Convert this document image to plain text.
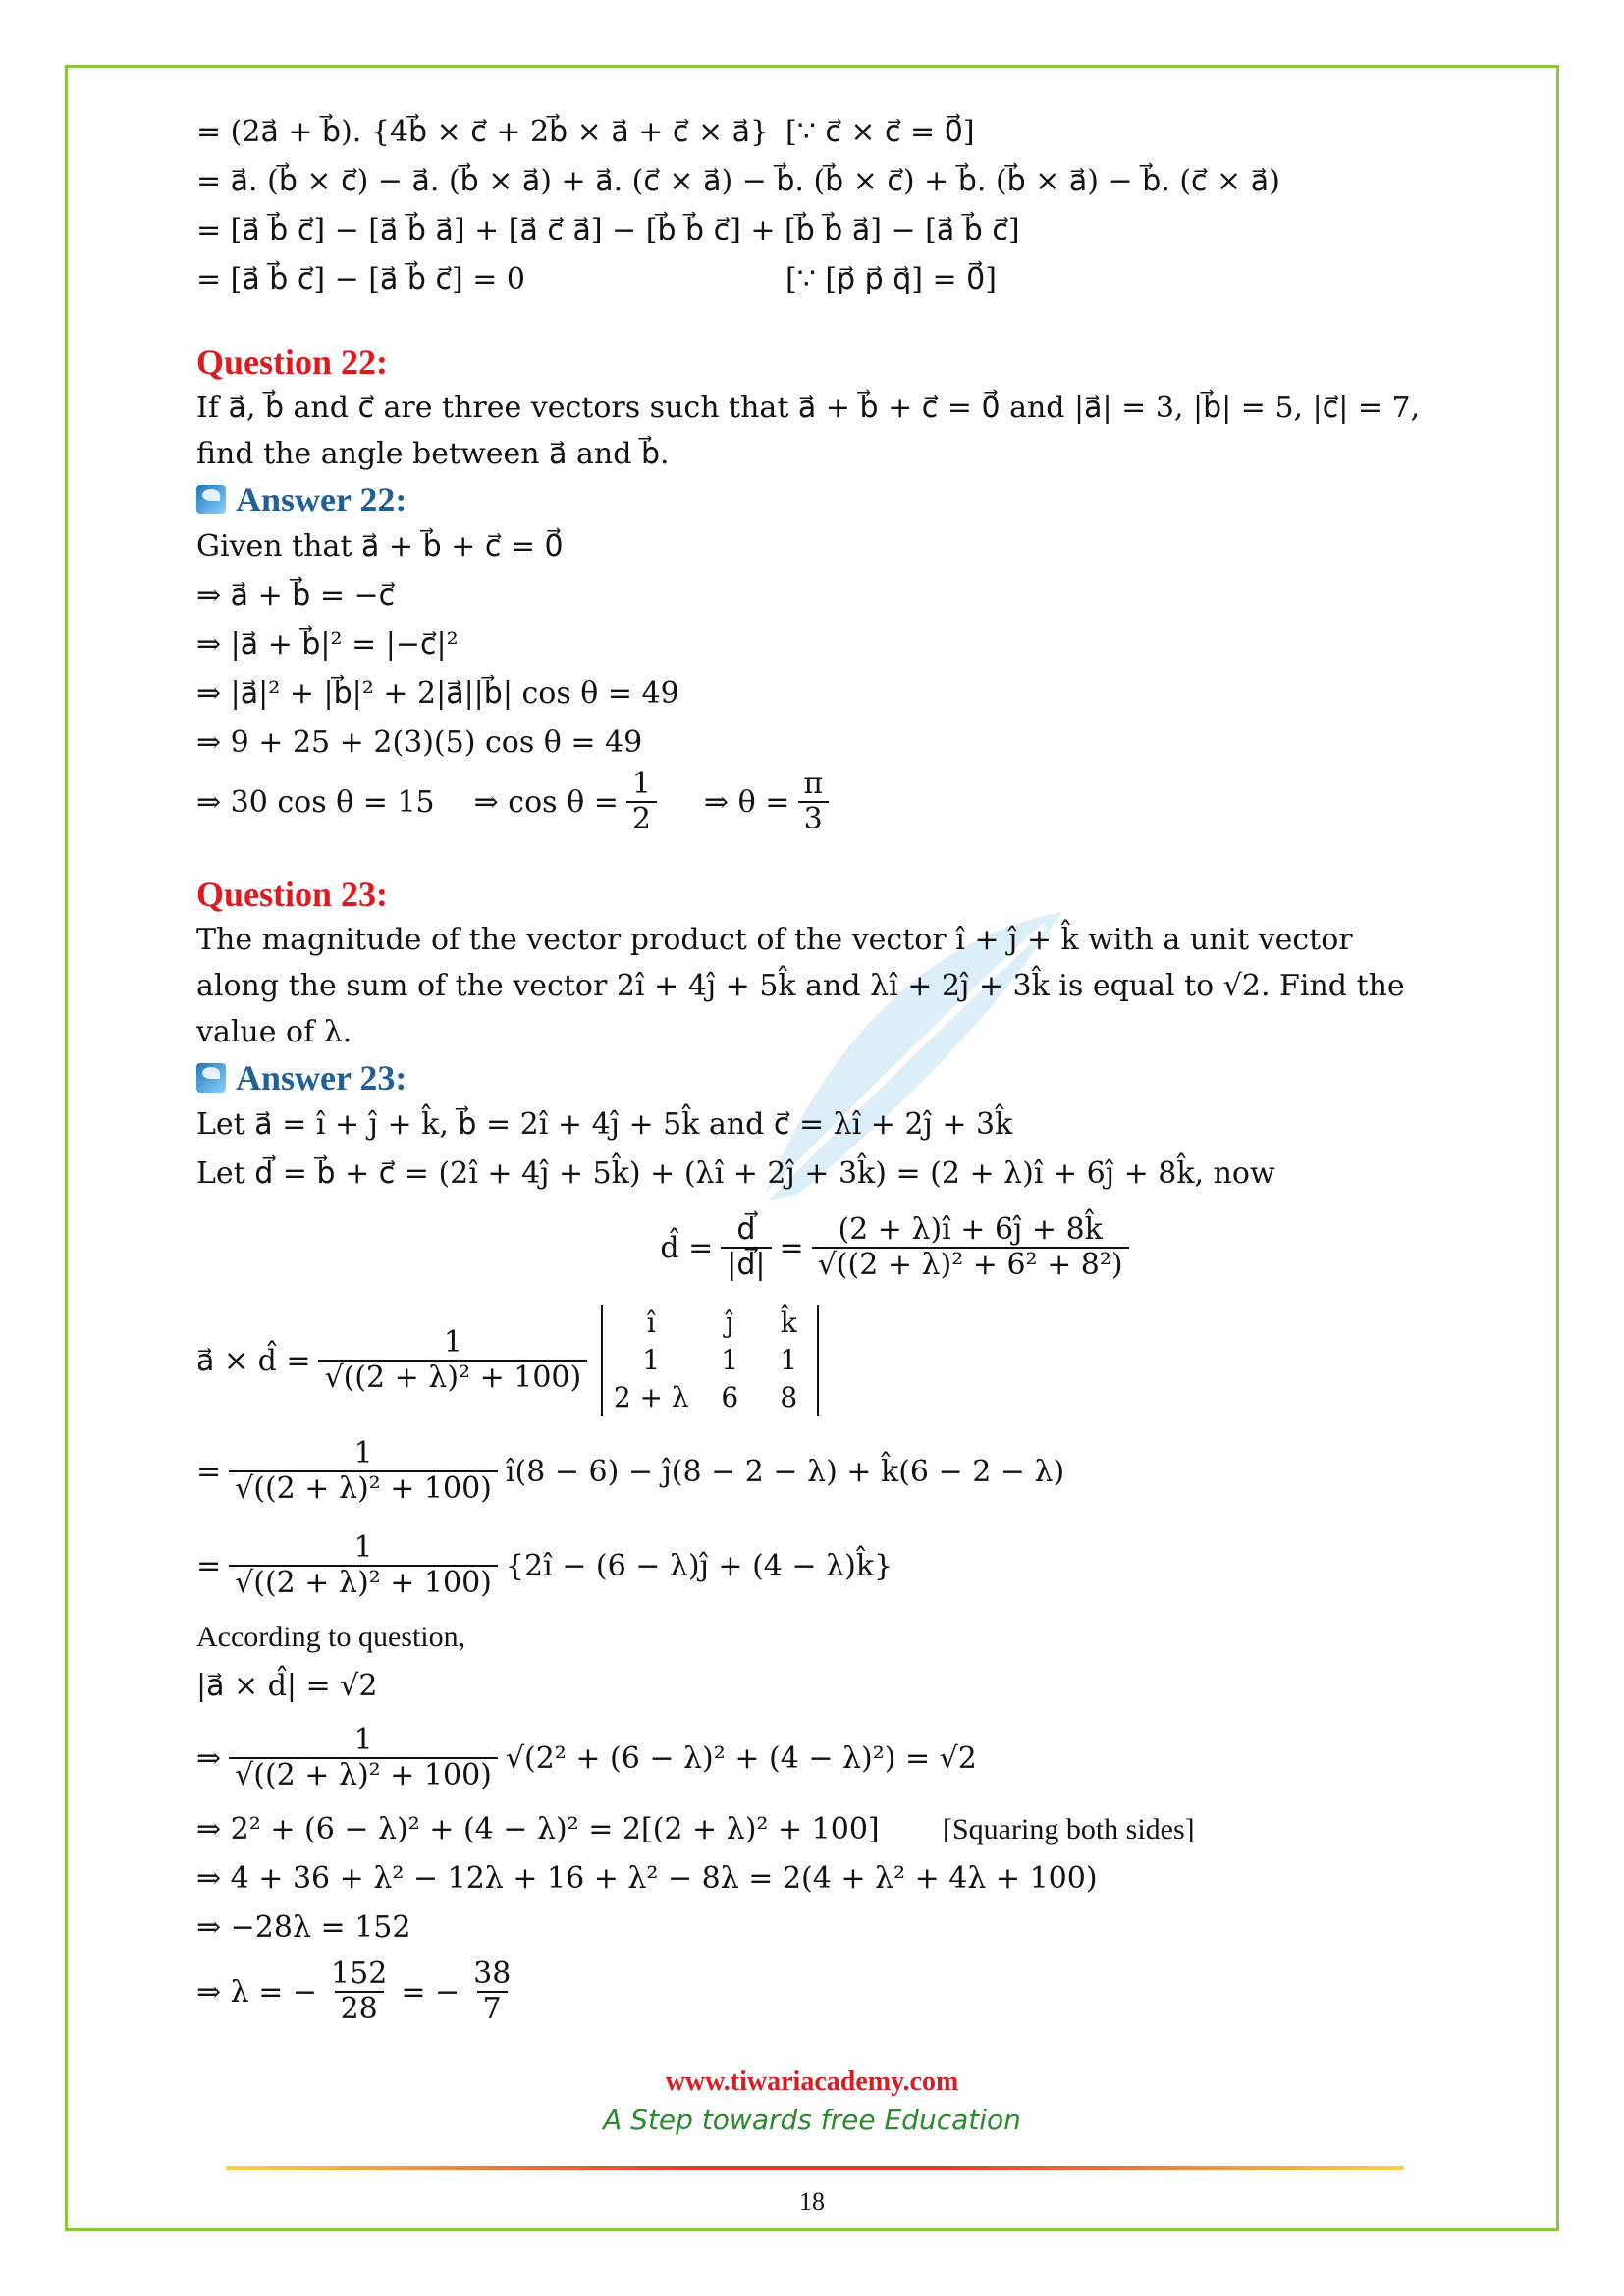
= (2a⃗ + b⃗). {4b⃗ × c⃗ + 2b⃗ × a⃗ + c⃗ × a⃗} [∵ c⃗ × c⃗ = 0⃗]
= a⃗. (b⃗ × c⃗) − a⃗. (b⃗ × a⃗) + a⃗. (c⃗ × a⃗) − b⃗. (b⃗ × c⃗) + b⃗. (b⃗ × a⃗) − b⃗. (c⃗ × a⃗)
= [a⃗ b⃗ c⃗] − [a⃗ b⃗ a⃗] + [a⃗ c⃗ a⃗] − [b⃗ b⃗ c⃗] + [b⃗ b⃗ a⃗] − [a⃗ b⃗ c⃗]
= [a⃗ b⃗ c⃗] − [a⃗ b⃗ c⃗] = 0	[∵ [p⃗ p⃗ q⃗] = 0⃗]
Question 22:
If a⃗, b⃗ and c⃗ are three vectors such that a⃗ + b⃗ + c⃗ = 0⃗ and |a⃗| = 3, |b⃗| = 5, |c⃗| = 7, find the angle between a⃗ and b⃗.
Answer 22:
Given that a⃗ + b⃗ + c⃗ = 0⃗
⇒ a⃗ + b⃗ = −c⃗
⇒ |a⃗ + b⃗|² = |−c⃗|²
⇒ |a⃗|² + |b⃗|² + 2|a⃗||b⃗| cos θ = 49
⇒ 9 + 25 + 2(3)(5) cos θ = 49
⇒ 30 cos θ = 15 ⇒ $\cos \theta = \frac{1}{2}$ ⇒ $\theta = \frac{\pi}{3}$
Question 23:
The magnitude of the vector product of the vector î + ĵ + k̂ with a unit vector along the sum of the vector 2î + 4ĵ + 5k̂ and λî + 2ĵ + 3k̂ is equal to √2. Find the value of λ.
Answer 23:
Let a⃗ = î + ĵ + k̂, b⃗ = 2î + 4ĵ + 5k̂ and c⃗ = λî + 2ĵ + 3k̂
Let d⃗ = b⃗ + c⃗ = (2î + 4ĵ + 5k̂) + (λî + 2ĵ + 3k̂) = (2 + λ)î + 6ĵ + 8k̂, now
d̂ = $\frac{d⃗}{|d⃗|} = \frac{(2 + \lambda)î + 6ĵ + 8k̂}{\text{√((2 + λ)² + 6² + 8²)}}$
a⃗ × d̂ = $\frac{1}{\text{√((2 + λ)² + 100)}}$
î	ĵ	k̂
1	1	1
2 + λ	6	8
= $\frac{1}{\text{√((2 + λ)² + 100)}}$ î(8 − 6) − ĵ(8 − 2 − λ) + k̂(6 − 2 − λ)
= $\frac{1}{\text{√((2 + λ)² + 100)}}$ {2î − (6 − λ)ĵ + (4 − λ)k̂}
According to question,
|a⃗ × d̂| = √2
⇒ $\frac{1}{\text{√((2 + λ)² + 100)}} √(2^2 + (6 - \lambda)^2 + (4 - \lambda)^2) = √2$
⇒ 2² + (6 − λ)² + (4 − λ)² = 2[(2 + λ)² + 100] [Squaring both sides]
⇒ 4 + 36 + λ² − 12λ + 16 + λ² − 8λ = 2(4 + λ² + 4λ + 100)
⇒ −28λ = 152
⇒ λ = − $\frac{152}{28}$ = − $\frac{38}{7}$
www.tiwariacademy.com
A Step towards free Education
18
